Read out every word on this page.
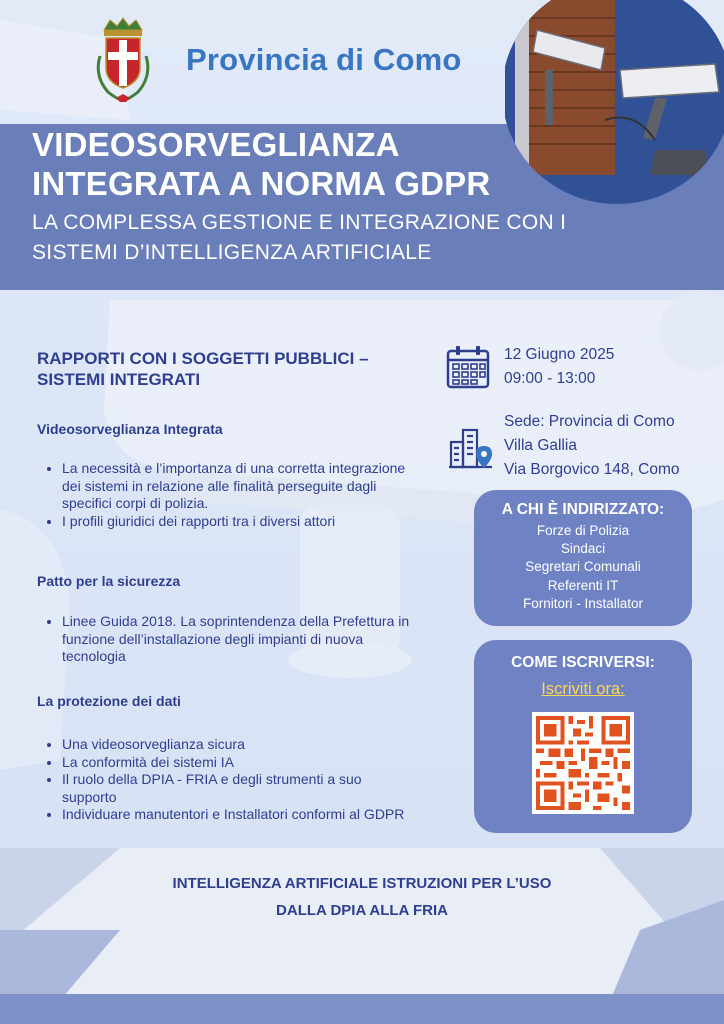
Provincia di Como
VIDEOSORVEGLIANZA
INTEGRATA A NORMA GDPR
LA COMPLESSA GESTIONE E INTEGRAZIONE CON I
SISTEMI D’INTELLIGENZA ARTIFICIALE
RAPPORTI CON I SOGGETTI PUBBLICI –
SISTEMI INTEGRATI
Videosorveglianza Integrata
• La necessità e l’importanza di una corretta integrazione dei sistemi in relazione alle finalità perseguite dagli specifici corpi di polizia.
• I profili giuridici dei rapporti tra i diversi attori
Patto per la sicurezza
• Linee Guida 2018. La soprintendenza della Prefettura in funzione dell’installazione degli impianti di nuova tecnologia
La protezione dei dati
• Una videosorveglianza sicura
• La conformità dei sistemi IA
• Il ruolo della DPIA - FRIA e degli strumenti a suo supporto
• Individuare manutentori e Installatori conformi al GDPR
12 Giugno 2025
09:00 - 13:00
Sede: Provincia di Como
Villa Gallia
Via Borgovico 148, Como
A CHI È INDIRIZZATO:
Forze di Polizia
Sindaci
Segretari Comunali
Referenti IT
Fornitori - Installator
COME ISCRIVERSI:
Iscriviti ora:
INTELLIGENZA ARTIFICIALE ISTRUZIONI PER L’USO
DALLA DPIA ALLA FRIA
